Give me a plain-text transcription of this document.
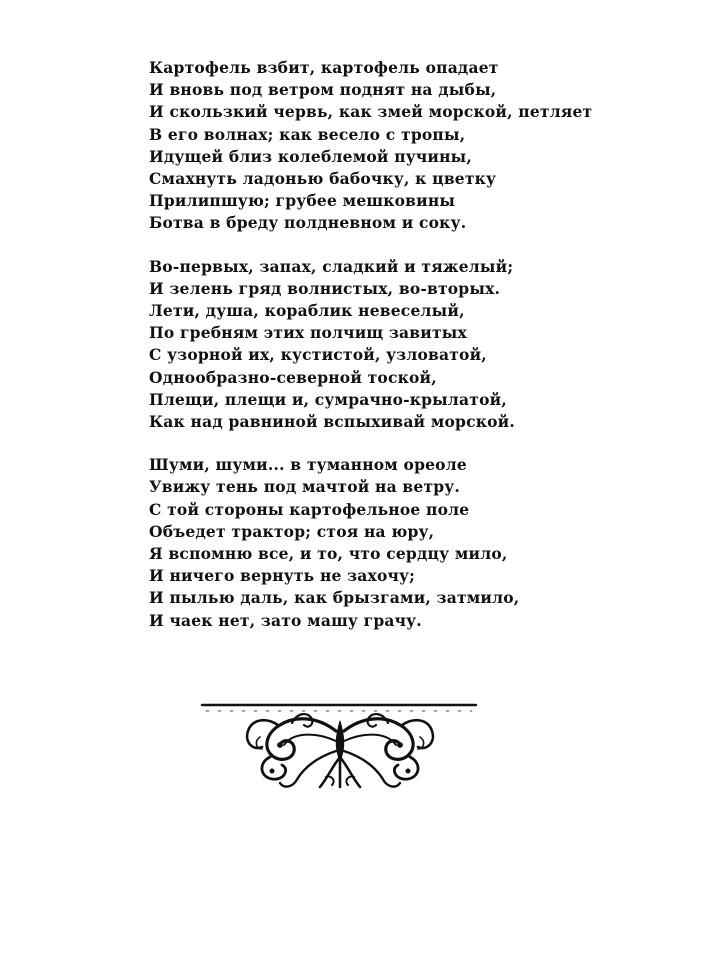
Картофель взбит, картофель опадает
И вновь под ветром поднят на дыбы,
И скользкий червь, как змей морской, петляет
В его волнах; как весело с тропы,
Идущей близ колеблемой пучины,
Смахнуть ладонью бабочку, к цветку
Прилипшую; грубее мешковины
Ботва в бреду полдневном и соку.
Во-первых, запах, сладкий и тяжелый;
И зелень гряд волнистых, во-вторых.
Лети, душа, кораблик невеселый,
По гребням этих полчищ завитых
С узорной их, кустистой, узловатой,
Однообразно-северной тоской,
Плещи, плещи и, сумрачно-крылатой,
Как над равниной вспыхивай морской.
Шуми, шуми... в туманном ореоле
Увижу тень под мачтой на ветру.
С той стороны картофельное поле
Объедет трактор; стоя на юру,
Я вспомню все, и то, что сердцу мило,
И ничего вернуть не захочу;
И пылью даль, как брызгами, затмило,
И чаек нет, зато машу грачу.
